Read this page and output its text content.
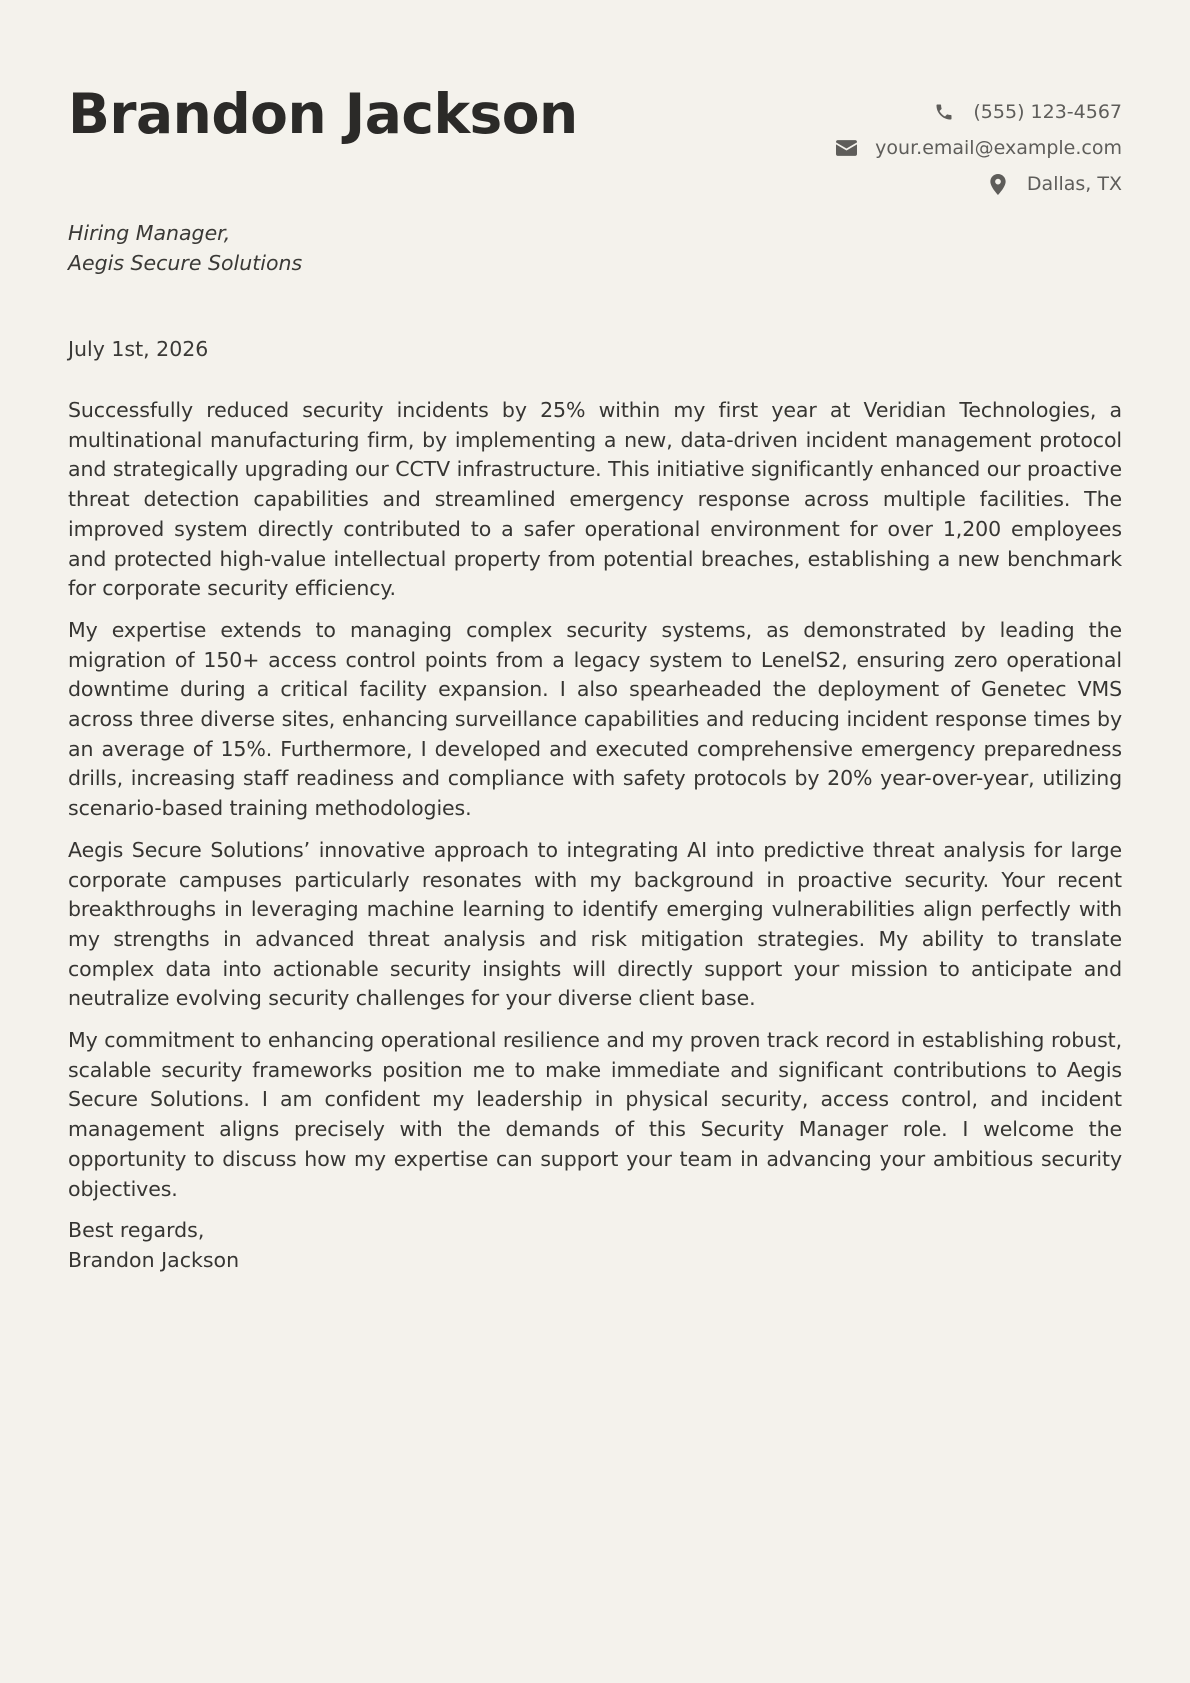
Brandon Jackson	(555) 123-4567
your.email@example.com
Dallas, TX
Hiring Manager,
Aegis Secure Solutions
July 1st, 2026

Successfully reduced security incidents by 25% within my first year at Veridian Technologies, a multinational manufacturing firm, by implementing a new, data-driven incident management protocol and strategically upgrading our CCTV infrastructure. This initiative significantly enhanced our proactive threat detection capabilities and streamlined emergency response across multiple facilities. The improved system directly contributed to a safer operational environment for over 1,200 employees and protected high-value intellectual property from potential breaches, establishing a new benchmark for corporate security efficiency.

My expertise extends to managing complex security systems, as demonstrated by leading the migration of 150+ access control points from a legacy system to LenelS2, ensuring zero operational downtime during a critical facility expansion. I also spearheaded the deployment of Genetec VMS across three diverse sites, enhancing surveillance capabilities and reducing incident response times by an average of 15%. Furthermore, I developed and executed comprehensive emergency preparedness drills, increasing staff readiness and compliance with safety protocols by 20% year-over-year, utilizing scenario-based training methodologies.

Aegis Secure Solutions’ innovative approach to integrating AI into predictive threat analysis for large corporate campuses particularly resonates with my background in proactive security. Your recent breakthroughs in leveraging machine learning to identify emerging vulnerabilities align perfectly with my strengths in advanced threat analysis and risk mitigation strategies. My ability to translate complex data into actionable security insights will directly support your mission to anticipate and neutralize evolving security challenges for your diverse client base.

My commitment to enhancing operational resilience and my proven track record in establishing robust, scalable security frameworks position me to make immediate and significant contributions to Aegis Secure Solutions. I am confident my leadership in physical security, access control, and incident management aligns precisely with the demands of this Security Manager role. I welcome the opportunity to discuss how my expertise can support your team in advancing your ambitious security objectives.

Best regards,
Brandon Jackson
